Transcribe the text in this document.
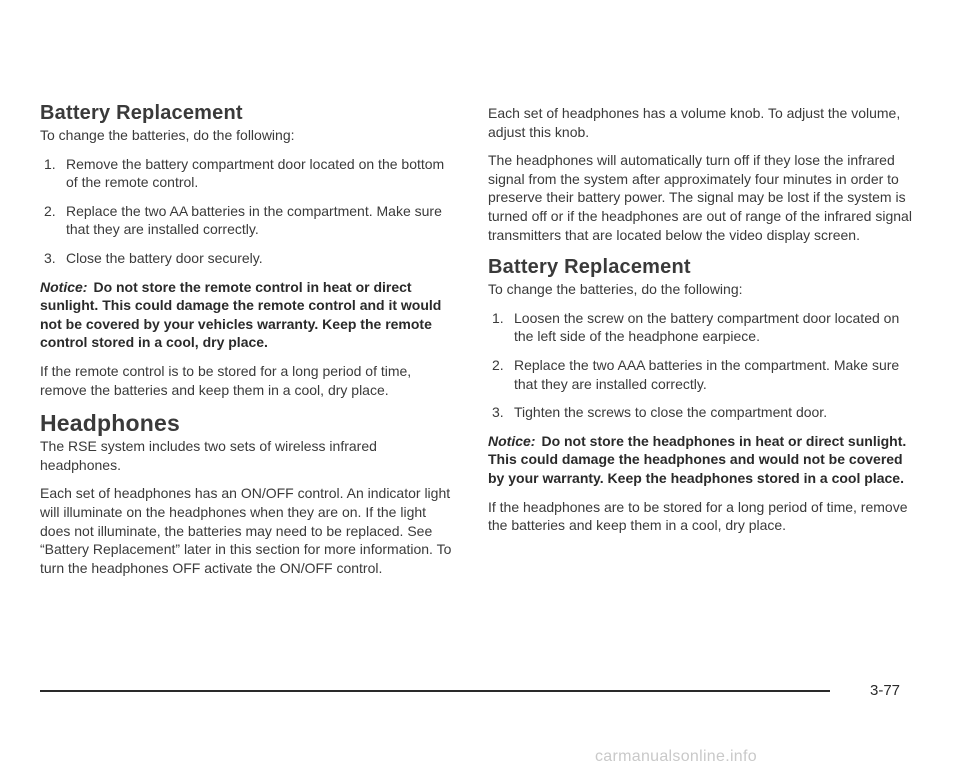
Battery Replacement

To change the batteries, do the following:

1. Remove the battery compartment door located on the bottom of the remote control.
2. Replace the two AA batteries in the compartment. Make sure that they are installed correctly.
3. Close the battery door securely.
Notice: Do not store the remote control in heat or direct sunlight. This could damage the remote control and it would not be covered by your vehicles warranty. Keep the remote control stored in a cool, dry place.

If the remote control is to be stored for a long period of time, remove the batteries and keep them in a cool, dry place.

Headphones

The RSE system includes two sets of wireless infrared headphones.

Each set of headphones has an ON/OFF control. An indicator light will illuminate on the headphones when they are on. If the light does not illuminate, the batteries may need to be replaced. See “Battery Replacement” later in this section for more information. To turn the headphones OFF activate the ON/OFF control.

Each set of headphones has a volume knob. To adjust the volume, adjust this knob.

The headphones will automatically turn off if they lose the infrared signal from the system after approximately four minutes in order to preserve their battery power. The signal may be lost if the system is turned off or if the headphones are out of range of the infrared signal transmitters that are located below the video display screen.

Battery Replacement

To change the batteries, do the following:

1. Loosen the screw on the battery compartment door located on the left side of the headphone earpiece.
2. Replace the two AAA batteries in the compartment. Make sure that they are installed correctly.
3. Tighten the screws to close the compartment door.
Notice: Do not store the headphones in heat or direct sunlight. This could damage the headphones and would not be covered by your warranty. Keep the headphones stored in a cool place.

If the headphones are to be stored for a long period of time, remove the batteries and keep them in a cool, dry place.

3-77
carmanualsonline.info
